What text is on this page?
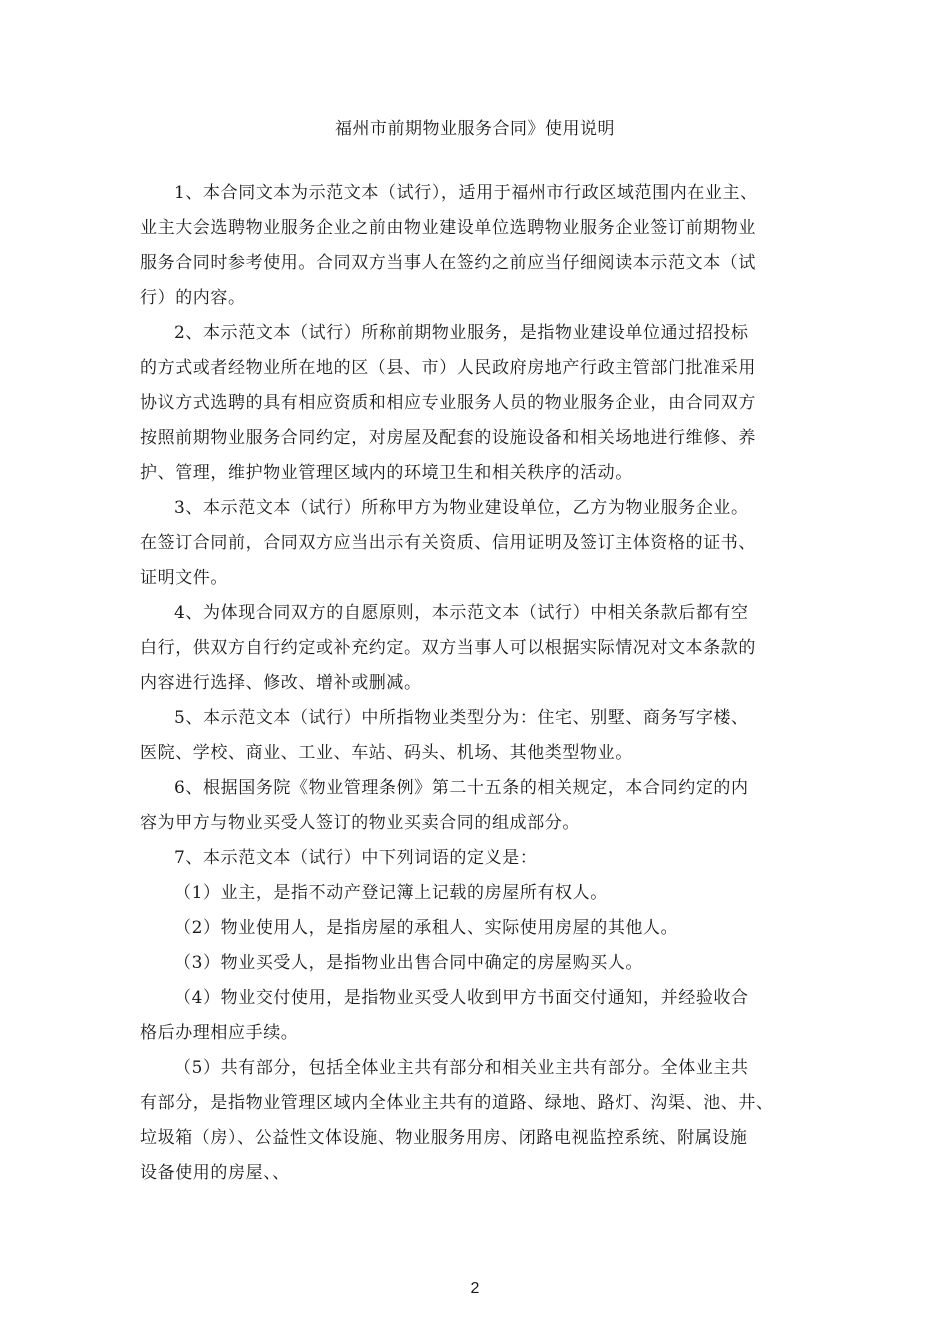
福州市前期物业服务合同》使用说明

1、本合同文本为示范文本（试行），适用于福州市行政区域范围内在业主、
业主大会选聘物业服务企业之前由物业建设单位选聘物业服务企业签订前期物业
服务合同时参考使用。合同双方当事人在签约之前应当仔细阅读本示范文本（试
行）的内容。

2、本示范文本（试行）所称前期物业服务，是指物业建设单位通过招投标
的方式或者经物业所在地的区（县、市）人民政府房地产行政主管部门批准采用
协议方式选聘的具有相应资质和相应专业服务人员的物业服务企业，由合同双方
按照前期物业服务合同约定，对房屋及配套的设施设备和相关场地进行维修、养
护、管理，维护物业管理区域内的环境卫生和相关秩序的活动。

3、本示范文本（试行）所称甲方为物业建设单位，乙方为物业服务企业。
在签订合同前，合同双方应当出示有关资质、信用证明及签订主体资格的证书、
证明文件。

4、为体现合同双方的自愿原则，本示范文本（试行）中相关条款后都有空
白行，供双方自行约定或补充约定。双方当事人可以根据实际情况对文本条款的
内容进行选择、修改、增补或删减。

5、本示范文本（试行）中所指物业类型分为：住宅、别墅、商务写字楼、
医院、学校、商业、工业、车站、码头、机场、其他类型物业。

6、根据国务院《物业管理条例》第二十五条的相关规定，本合同约定的内
容为甲方与物业买受人签订的物业买卖合同的组成部分。

7、本示范文本（试行）中下列词语的定义是：

（1）业主，是指不动产登记簿上记载的房屋所有权人。

（2）物业使用人，是指房屋的承租人、实际使用房屋的其他人。

（3）物业买受人，是指物业出售合同中确定的房屋购买人。

（4）物业交付使用，是指物业买受人收到甲方书面交付通知，并经验收合
格后办理相应手续。

（5）共有部分，包括全体业主共有部分和相关业主共有部分。全体业主共
有部分，是指物业管理区域内全体业主共有的道路、绿地、路灯、沟渠、池、井、
垃圾箱（房）、公益性文体设施、物业服务用房、闭路电视监控系统、附属设施
设备使用的房屋、、

2
